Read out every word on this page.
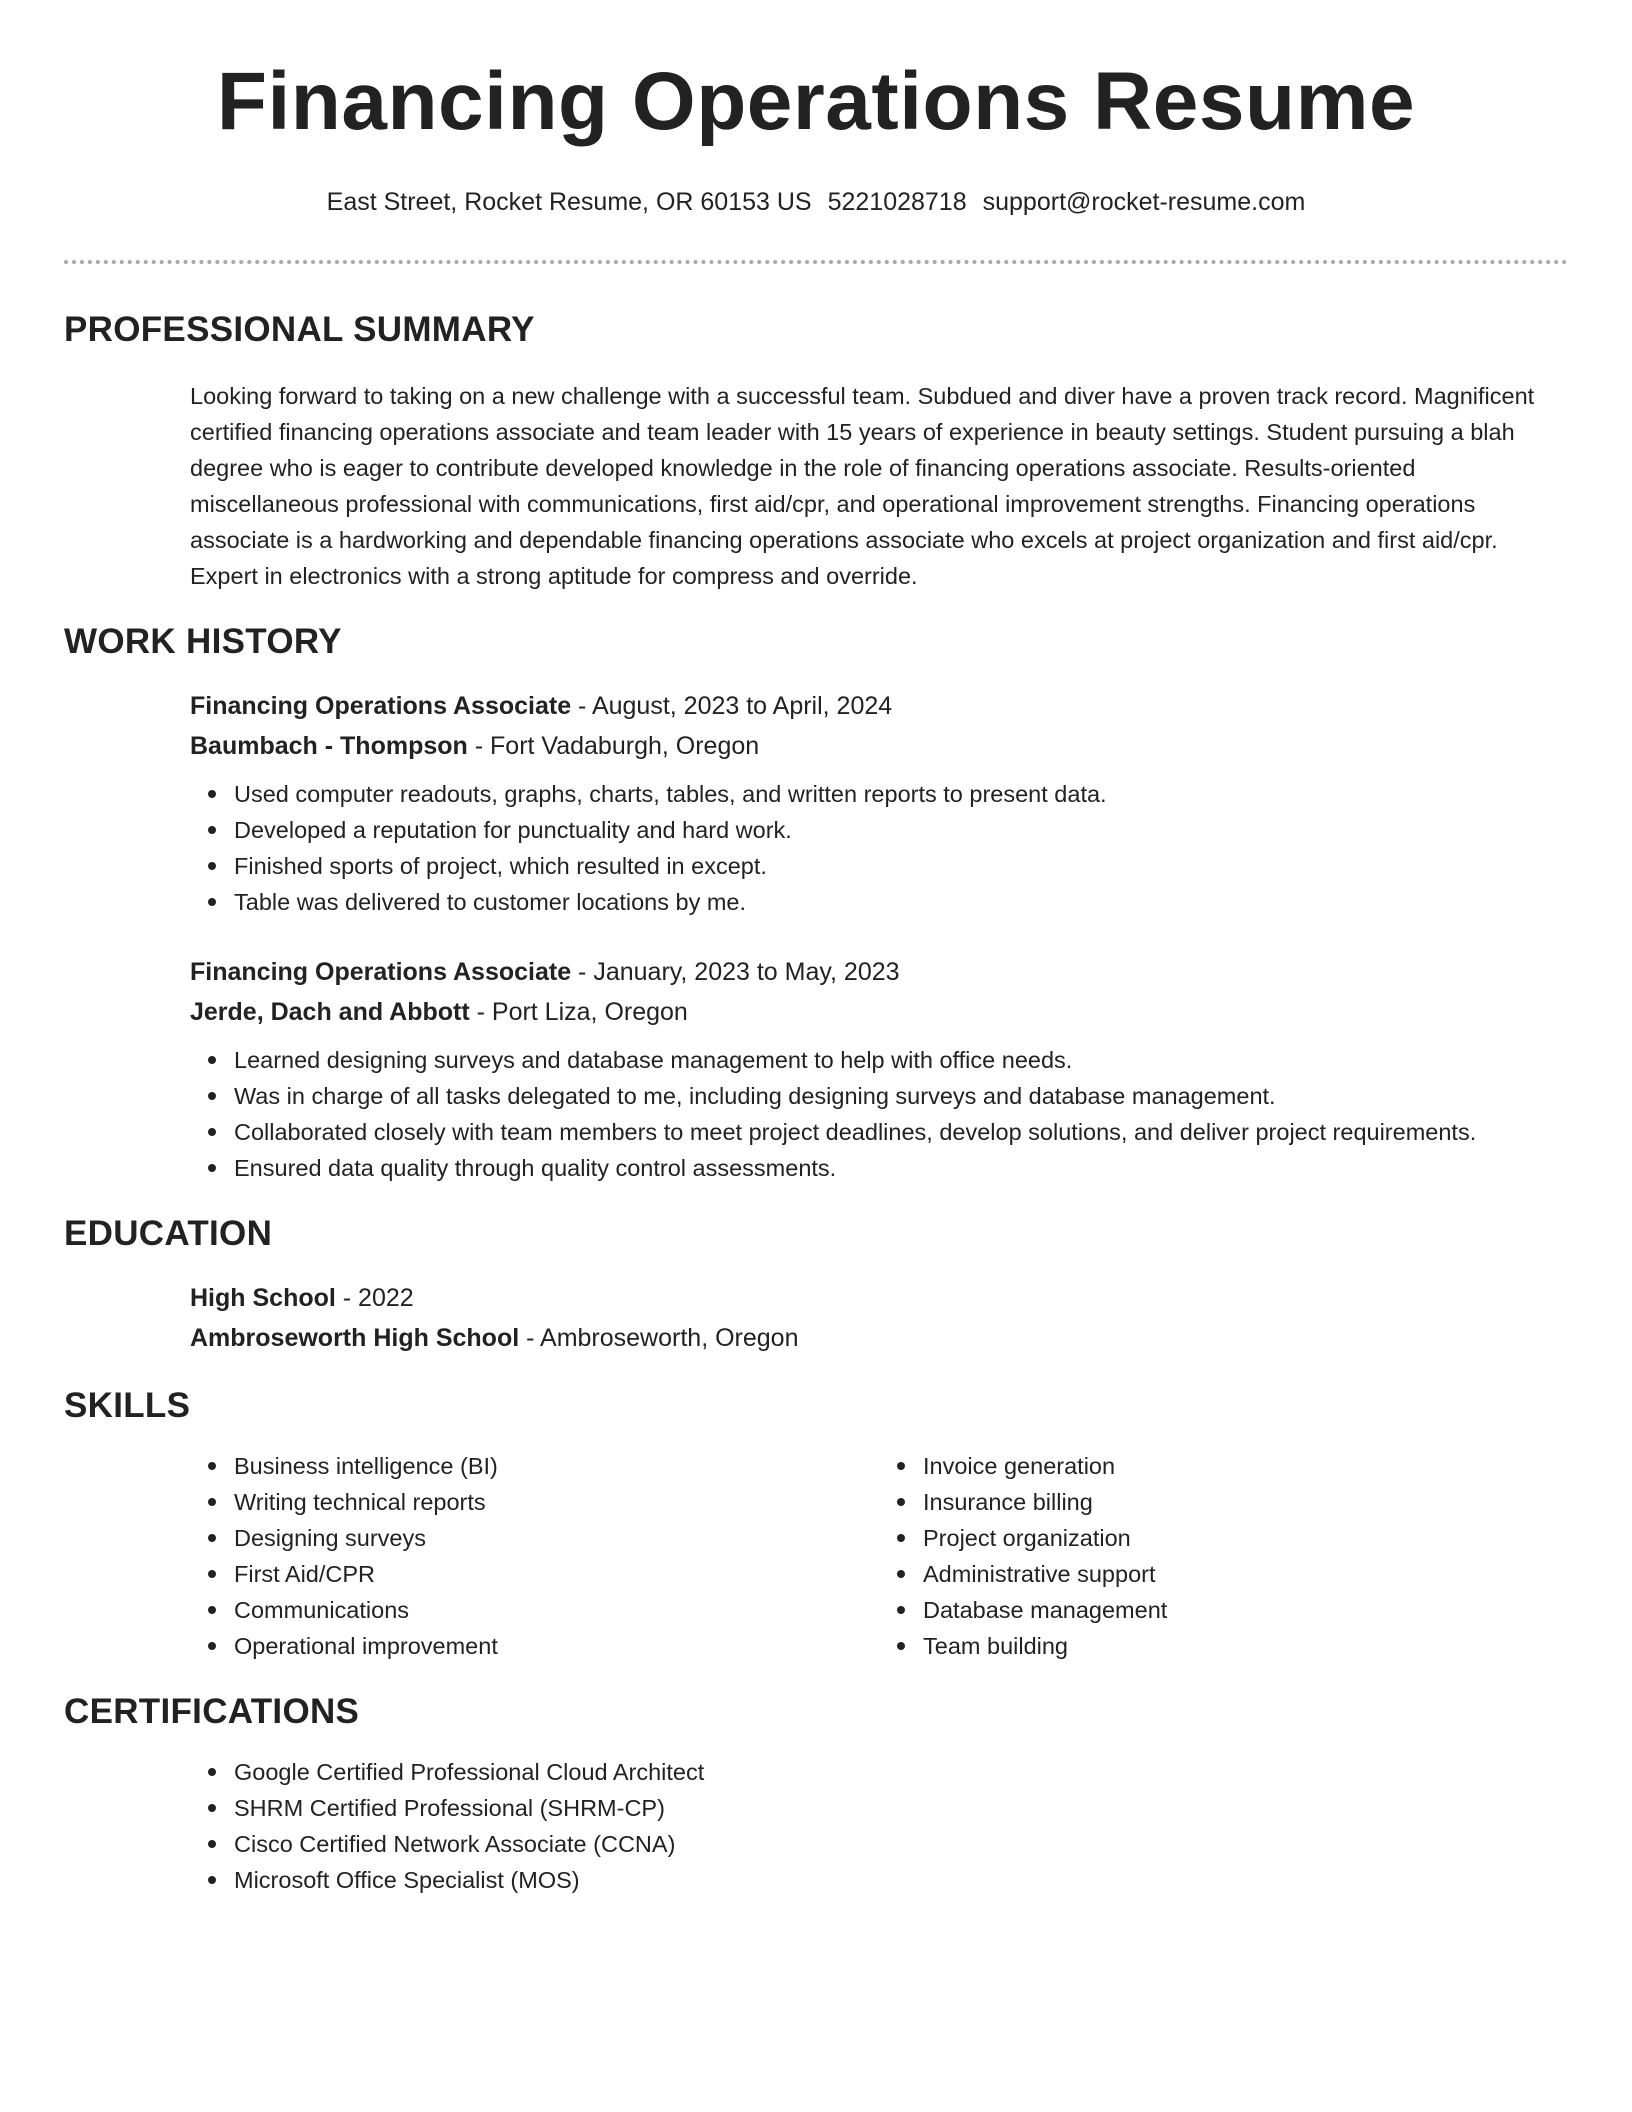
Financing Operations Resume
East Street, Rocket Resume, OR 60153 US 5221028718 support@rocket-resume.com
PROFESSIONAL SUMMARY

Looking forward to taking on a new challenge with a successful team. Subdued and diver have a proven track record. Magnificent certified financing operations associate and team leader with 15 years of experience in beauty settings. Student pursuing a blah degree who is eager to contribute developed knowledge in the role of financing operations associate. Results-oriented miscellaneous professional with communications, first aid/cpr, and operational improvement strengths. Financing operations associate is a hardworking and dependable financing operations associate who excels at project organization and first aid/cpr. Expert in electronics with a strong aptitude for compress and override.

WORK HISTORY

Financing Operations Associate - August, 2023 to April, 2024

Baumbach - Thompson - Fort Vadaburgh, Oregon

Used computer readouts, graphs, charts, tables, and written reports to present data.
Developed a reputation for punctuality and hard work.
Finished sports of project, which resulted in except.
Table was delivered to customer locations by me.

Financing Operations Associate - January, 2023 to May, 2023

Jerde, Dach and Abbott - Port Liza, Oregon

Learned designing surveys and database management to help with office needs.
Was in charge of all tasks delegated to me, including designing surveys and database management.
Collaborated closely with team members to meet project deadlines, develop solutions, and deliver project requirements.
Ensured data quality through quality control assessments.
EDUCATION

High School - 2022

Ambroseworth High School - Ambroseworth, Oregon

SKILLS
Business intelligence (BI)
Writing technical reports
Designing surveys
First Aid/CPR
Communications
Operational improvement
Invoice generation
Insurance billing
Project organization
Administrative support
Database management
Team building
CERTIFICATIONS
Google Certified Professional Cloud Architect
SHRM Certified Professional (SHRM-CP)
Cisco Certified Network Associate (CCNA)
Microsoft Office Specialist (MOS)
